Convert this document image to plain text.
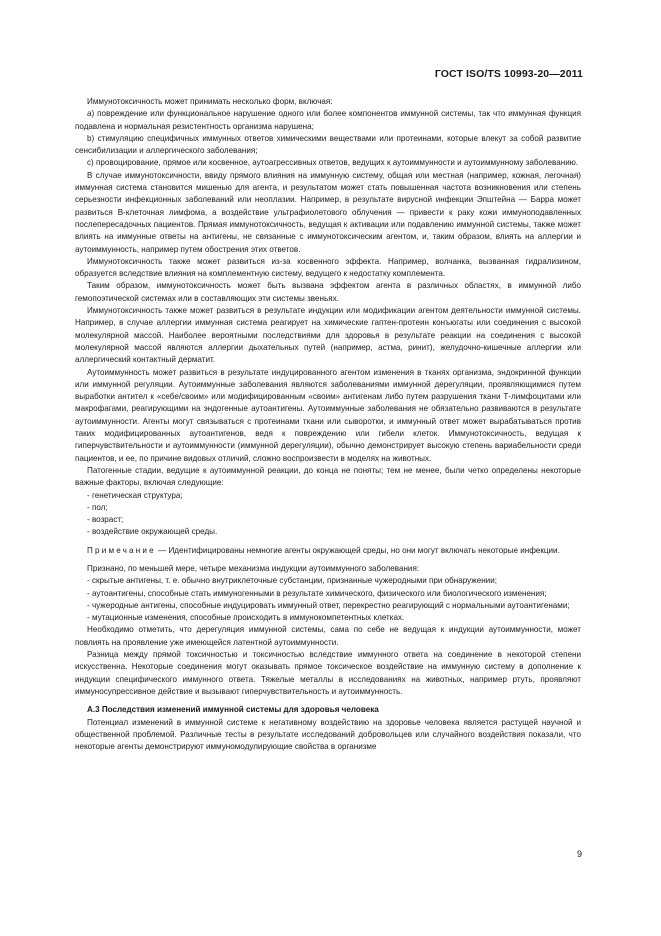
ГОСТ ISO/TS 10993-20—2011

Иммунотоксичность может принимать несколько форм, включая:

а) повреждение или функциональное нарушение одного или более компонентов иммунной системы, так что иммунная функция подавлена и нормальная резистентность организма нарушена;

b) стимуляцию специфичных иммунных ответов химическими веществами или протеинами, которые влекут за собой развитие сенсибилизации и аллергического заболевания;

с) провоцирование, прямое или косвенное, аутоагрессивных ответов, ведущих к аутоиммунности и аутоиммунному заболеванию.

В случае иммунотоксичности, ввиду прямого влияния на иммунную систему, общая или местная (например, кожная, легочная) иммунная система становится мишенью для агента, и результатом может стать повышенная частота возникновения или степень серьезности инфекционных заболеваний или неоплазии. Например, в результате вирусной инфекции Эпштейна — Барра может развиться В-клеточная лимфома, а воздействие ультрафиолетового облучения — привести к раку кожи иммуноподавленных послепересадочных пациентов. Прямая иммунотоксичность, ведущая к активации или подавлению иммунной системы, также может влиять на иммунные ответы на антигены, не связанные с иммунотоксическим агентом, и, таким образом, влиять на аллергии и аутоиммунность, например путем обострения этих ответов.

Иммунотоксичность также может развиться из-за косвенного эффекта. Например, волчанка, вызванная гидрализином, образуется вследствие влияния на комплементную систему, ведущего к недостатку комплемента.

Таким образом, иммунотоксичность может быть вызвана эффектом агента в различных областях, в иммунной либо гемопоэтической системах или в составляющих эти системы звеньях.

Иммунотоксичность также может развиться в результате индукции или модификации агентом деятельности иммунной системы. Например, в случае аллергии иммунная система реагирует на химические гаптен-протеин конъюгаты или соединения с высокой молекулярной массой. Наиболее вероятными последствиями для здоровья в результате реакции на соединения с высокой молекулярной массой являются аллергии дыхательных путей (например, астма, ринит), желудочно-кишечные аллергии или аллергический контактный дерматит.

Аутоиммунность может развиться в результате индуцированного агентом изменения в тканях организма, эндокринной функции или иммунной регуляции. Аутоиммунные заболевания являются заболеваниями иммунной дерегуляции, проявляющимися путем выработки антител к «себе/своим» или модифицированным «своим» антигенам либо путем разрушения ткани Т-лимфоцитами или макрофагами, реагирующими на эндогенные аутоантигены. Аутоиммунные заболевания не обязательно развиваются в результате аутоиммунности. Агенты могут связываться с протеинами ткани или сыворотки, и иммунный ответ может вырабатываться против таких модифицированных аутоантигенов, ведя к повреждению или гибели клеток. Иммунотоксичность, ведущая к гиперчувствительности и аутоиммунности (иммунной дерегуляции), обычно демонстрирует высокую степень вариабельности среди пациентов, и ее, по причине видовых отличий, сложно воспроизвести в моделях на животных.

Патогенные стадии, ведущие к аутоиммунной реакции, до конца не поняты; тем не менее, были четко определены некоторые важные факторы, включая следующие:

- генетическая структура;

- пол;

- возраст;

- воздействие окружающей среды.

Примечание — Идентифицированы немногие агенты окружающей среды, но они могут включать некоторые инфекции.

Признано, по меньшей мере, четыре механизма индукции аутоиммунного заболевания:

- скрытые антигены, т. е. обычно внутриклеточные субстанции, признанные чужеродными при обнаружении;

- аутоантигены, способные стать иммуногенными в результате химического, физического или биологического изменения;

- чужеродные антигены, способные индуцировать иммунный ответ, перекрестно реагирующий с нормальными аутоантигенами;

- мутационные изменения, способные происходить в иммунокомпетентных клетках.

Необходимо отметить, что дерегуляция иммунной системы, сама по себе не ведущая к индукции аутоиммунности, может повлиять на проявление уже имеющейся латентной аутоиммунности.

Разница между прямой токсичностью и токсичностью вследствие иммунного ответа на соединение в некоторой степени искусственна. Некоторые соединения могут оказывать прямое токсическое воздействие на иммунную систему в дополнение к индукции специфического иммунного ответа. Тяжелые металлы в исследованиях на животных, например ртуть, проявляют иммуносупрессивное действие и вызывают гиперчувствительность и аутоиммунность.

А.3 Последствия изменений иммунной системы для здоровья человека

Потенциал изменений в иммунной системе к негативному воздействию на здоровье человека является растущей научной и общественной проблемой. Различные тесты в результате исследований добровольцев или случайного воздействия показали, что некоторые агенты демонстрируют иммуномодулирующие свойства в организме

9
